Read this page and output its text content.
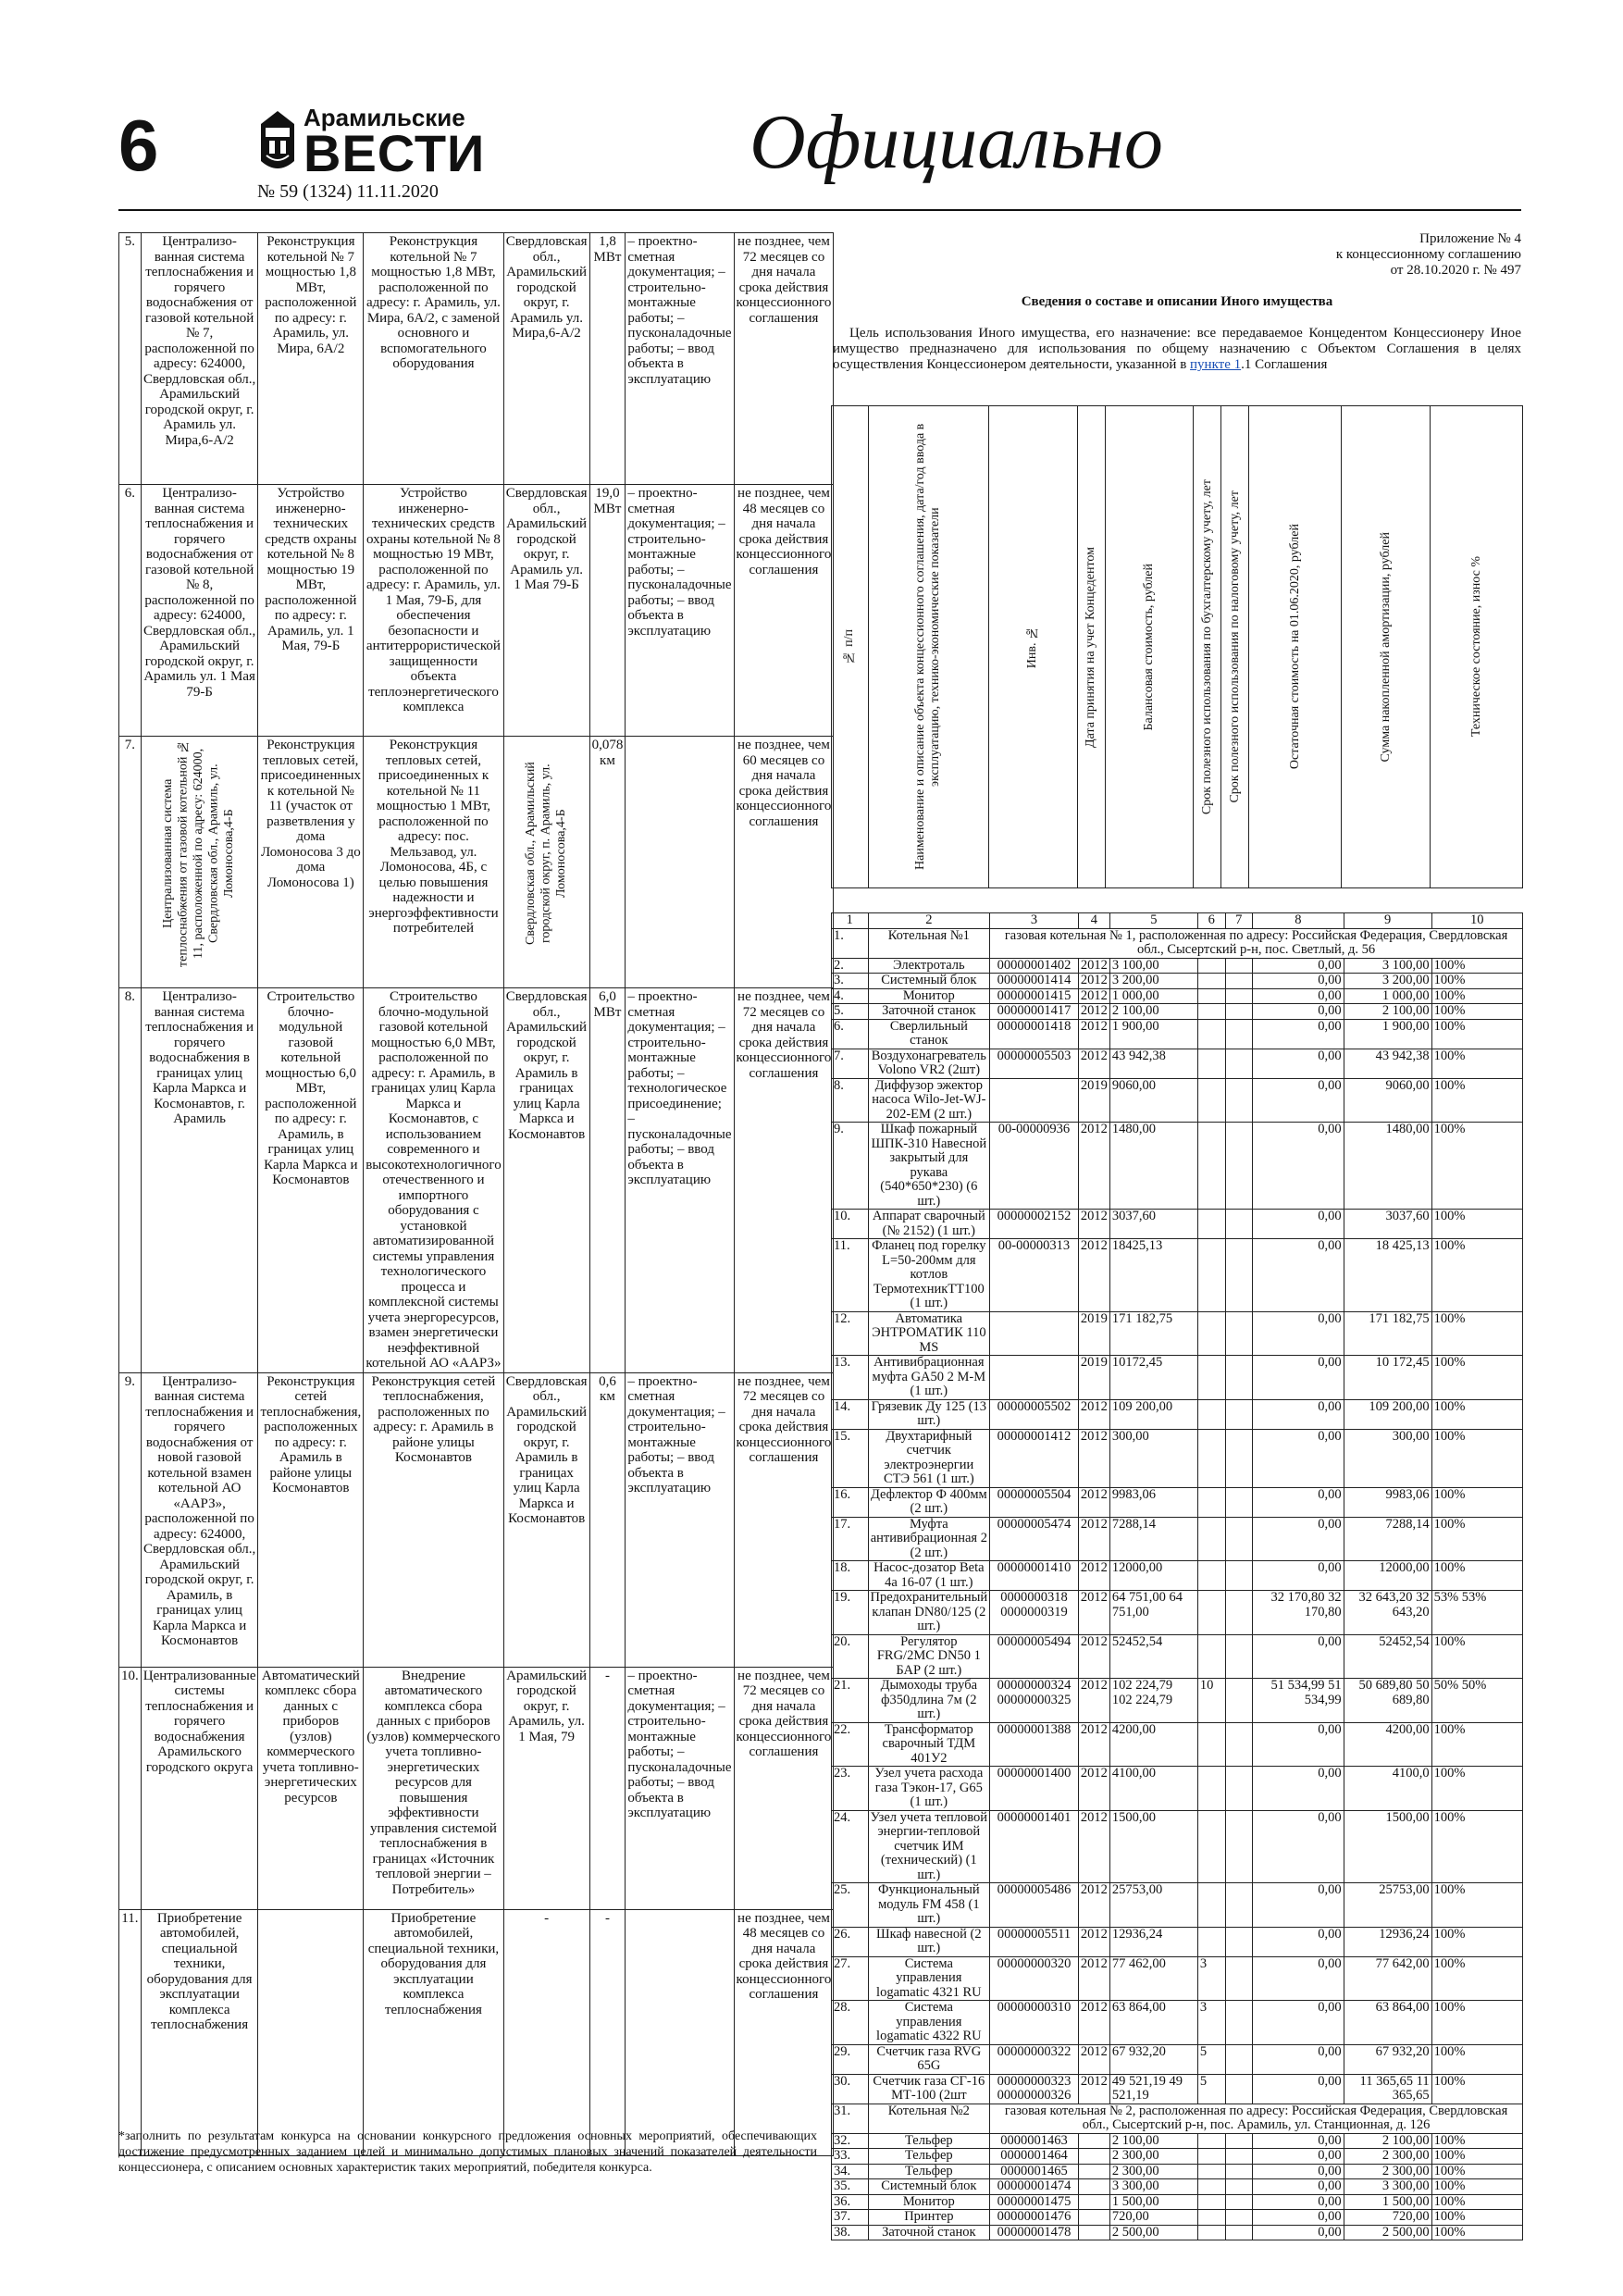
6	Арамильские
ВЕСТИ
№ 59 (1324) 11.11.2020
Официально
5.	Централизо-ванная система теплоснабжения и горячего водоснабжения от газовой котельной № 7, расположенной по адресу: 624000, Свердловская обл., Арамильский городской округ, г. Арамиль ул. Мира,6-А/2	Реконструкция котельной № 7 мощностью 1,8 МВт, расположенной по адресу: г. Арамиль, ул. Мира, 6А/2	Реконструкция котельной № 7 мощностью 1,8 МВт, расположенной по адресу: г. Арамиль, ул. Мира, 6А/2, с заменой основного и вспомогательного оборудования	Свердловская обл., Арамильский городской округ, г. Арамиль ул. Мира,6-А/2	1,8 МВт	– проектно-сметная документация; – строительно-монтажные работы; – пусконаладочные работы; – ввод объекта в эксплуатацию	не позднее, чем 72 месяцев со дня начала срока действия концессионного соглашения
6.	Централизо-ванная система теплоснабжения и горячего водоснабжения от газовой котельной № 8, расположенной по адресу: 624000, Свердловская обл., Арамильский городской округ, г. Арамиль ул. 1 Мая 79-Б	Устройство инженерно-технических средств охраны котельной № 8 мощностью 19 МВт, расположенной по адресу: г. Арамиль, ул. 1 Мая, 79-Б	Устройство инженерно-технических средств охраны котельной № 8 мощностью 19 МВт, расположенной по адресу: г. Арамиль, ул. 1 Мая, 79-Б, для обеспечения безопасности и антитеррористической защищенности объекта теплоэнергетического комплекса	Свердловская обл., Арамильский городской округ, г. Арамиль ул. 1 Мая 79-Б	19,0 МВт	– проектно-сметная документация; – строительно-монтажные работы; – пусконаладочные работы; – ввод объекта в эксплуатацию	не позднее, чем 48 месяцев со дня начала срока действия концессионного соглашения
7.	Централизованная система теплоснабжения от газовой котельной № 11, расположенной по адресу: 624000, Свердловская обл., Арамиль, ул. Ломоносова,4-Б	Реконструкция тепловых сетей, присоединенных к котельной № 11 (участок от разветвления у дома Ломоносова 3 до дома Ломоносова 1)	Реконструкция тепловых сетей, присоединенных к котельной № 11 мощностью 1 МВт, расположенной по адресу: пос. Мельзавод, ул. Ломоносова, 4Б, с целью повышения надежности и энергоэффективности потребителей	Свердловская обл., Арамильский городской округ, п. Арамиль, ул. Ломоносова,4-Б	0,078 км		не позднее, чем 60 месяцев со дня начала срока действия концессионного соглашения
8.	Централизо-ванная система теплоснабжения и горячего водоснабжения в границах улиц Карла Маркса и Космонавтов, г. Арамиль	Строительство блочно-модульной газовой котельной мощностью 6,0 МВт, расположенной по адресу: г. Арамиль, в границах улиц Карла Маркса и Космонавтов	Строительство блочно-модульной газовой котельной мощностью 6,0 МВт, расположенной по адресу: г. Арамиль, в границах улиц Карла Маркса и Космонавтов, с использованием современного и высокотехнологичного отечественного и импортного оборудования с установкой автоматизированной системы управления технологического процесса и комплексной системы учета энергоресурсов, взамен энергетически неэффективной котельной АО «ААРЗ»	Свердловская обл., Арамильский городской округ, г. Арамиль в границах улиц Карла Маркса и Космонавтов	6,0 МВт	– проектно-сметная документация; – строительно-монтажные работы; – технологическое присоединение; – пусконаладочные работы; – ввод объекта в эксплуатацию	не позднее, чем 72 месяцев со дня начала срока действия концессионного соглашения
9.	Централизо-ванная система теплоснабжения и горячего водоснабжения от новой газовой котельной взамен котельной АО «ААРЗ», расположенной по адресу: 624000, Свердловская обл., Арамильский городской округ, г. Арамиль, в границах улиц Карла Маркса и Космонавтов	Реконструкция сетей теплоснабжения, расположенных по адресу: г. Арамиль в районе улицы Космонавтов	Реконструкция сетей теплоснабжения, расположенных по адресу: г. Арамиль в районе улицы Космонавтов	Свердловская обл., Арамильский городской округ, г. Арамиль в границах улиц Карла Маркса и Космонавтов	0,6 км	– проектно-сметная документация; – строительно-монтажные работы; – ввод объекта в эксплуатацию	не позднее, чем 72 месяцев со дня начала срока действия концессионного соглашения
10.	Централизованные системы теплоснабжения и горячего водоснабжения Арамильского городского округа	Автоматический комплекс сбора данных с приборов (узлов) коммерческого учета топливно-энергетических ресурсов	Внедрение автоматического комплекса сбора данных с приборов (узлов) коммерческого учета топливно-энергетических ресурсов для повышения эффективности управления системой теплоснабжения в границах «Источник тепловой энергии –Потребитель»	Арамильский городской округ, г. Арамиль, ул. 1 Мая, 79	-	– проектно-сметная документация; – строительно-монтажные работы; – пусконаладочные работы; – ввод объекта в эксплуатацию	не позднее, чем 72 месяцев со дня начала срока действия концессионного соглашения
11.	Приобретение автомобилей, специальной техники, оборудования для эксплуатации комплекса теплоснабжения		Приобретение автомобилей, специальной техники, оборудования для эксплуатации комплекса теплоснабжения	-	-		не позднее, чем 48 месяцев со дня начала срока действия концессионного соглашения
*заполнить по результатам конкурса на основании конкурсного предложения основных мероприятий, обеспечивающих достижение предусмотренных заданием целей и минимально допустимых плановых значений показателей деятельности концессионера, с описанием основных характеристик таких мероприятий, победителя конкурса.
Приложение № 4
к концессионному соглашению
от 28.10.2020 г. № 497
Сведения о составе и описании Иного имущества
Цель использования Иного имущества, его назначение: все передаваемое Концедентом Концессионеру Иное имущество предназначено для использования по общему назначению с Объектом Соглашения в целях осуществления Концессионером деятельности, указанной в пункте 1.1 Соглашения
№ п/п	Наименование и описание объекта концессионного соглашения, дата/год ввода в эксплуатацию, технико-экономические показатели	Инв. №	Дата принятия на учет Концедентом	Балансовая стоимость, рублей	Срок полезного использования по бухгалтерскому учету, лет	Срок полезного использования по налоговому учету, лет	Остаточная стоимость на 01.06.2020, рублей	Сумма накопленной амортизации, рублей	Техническое состояние, износ %
1	2	3	4	5	6	7	8	9	10
1.	Котельная №1	газовая котельная № 1, расположенная по адресу: Российская Федерация, Свердловская обл., Сысертский р-н, пос. Светлый, д. 56							
2.	Электроталь	00000001402	2012	3 100,00			0,00	3 100,00	100%
3.	Системный блок	00000001414	2012	3 200,00			0,00	3 200,00	100%
4.	Монитор	00000001415	2012	1 000,00			0,00	1 000,00	100%
5.	Заточной станок	00000001417	2012	2 100,00			0,00	2 100,00	100%
6.	Сверлильный станок	00000001418	2012	1 900,00			0,00	1 900,00	100%
7.	Воздухонагреватель Volono VR2 (2шт)	00000005503	2012	43 942,38			0,00	43 942,38	100%
8.	Диффузор эжектор насоса Wilo-Jet-WJ-202-EM (2 шт.)		2019	9060,00			0,00	9060,00	100%
9.	Шкаф пожарный ШПК-310 Навесной закрытый для рукава (540*650*230) (6 шт.)	00-00000936	2012	1480,00			0,00	1480,00	100%
10.	Аппарат сварочный (№ 2152) (1 шт.)	00000002152	2012	3037,60			0,00	3037,60	100%
11.	Фланец под горелку L=50-200мм для котлов ТермотехникТТ100 (1 шт.)	00-00000313	2012	18425,13			0,00	18 425,13	100%
12.	Автоматика ЭНТРОМАТИК 110 MS		2019	171 182,75			0,00	171 182,75	100%
13.	Антивибрационная муфта GA50 2 M-M (1 шт.)		2019	10172,45			0,00	10 172,45	100%
14.	Грязевик Ду 125 (13 шт.)	00000005502	2012	109 200,00			0,00	109 200,00	100%
15.	Двухтарифный счетчик электроэнергии СТЭ 561 (1 шт.)	00000001412	2012	300,00			0,00	300,00	100%
16.	Дефлектор Ф 400мм (2 шт.)	00000005504	2012	9983,06			0,00	9983,06	100%
17.	Муфта антивибрационная 2 (2 шт.)	00000005474	2012	7288,14			0,00	7288,14	100%
18.	Насос-дозатор Beta 4a 16-07 (1 шт.)	00000001410	2012	12000,00			0,00	12000,00	100%
19.	Предохранительный клапан DN80/125 (2 шт.)	0000000318 0000000319	2012	64 751,00 64 751,00			32 170,80 32 170,80	32 643,20 32 643,20	53% 53%
20.	Регулятор FRG/2MC DN50 1 БАР (2 шт.)	00000005494	2012	52452,54			0,00	52452,54	100%
21.	Дымоходы труба ф350длина 7м (2 шт.)	00000000324 00000000325	2012	102 224,79 102 224,79	10		51 534,99 51 534,99	50 689,80 50 689,80	50% 50%
22.	Трансформатор сварочный ТДМ 401У2	00000001388	2012	4200,00			0,00	4200,00	100%
23.	Узел учета расхода газа Тэкон-17, G65 (1 шт.)	00000001400	2012	4100,00			0,00	4100,0	100%
24.	Узел учета тепловой энергии-тепловой счетчик ИМ (технический) (1 шт.)	00000001401	2012	1500,00			0,00	1500,00	100%
25.	Функциональный модуль FM 458 (1 шт.)	00000005486	2012	25753,00			0,00	25753,00	100%
26.	Шкаф навесной (2 шт.)	00000005511	2012	12936,24			0,00	12936,24	100%
27.	Система управления logamatic 4321 RU	00000000320	2012	77 462,00	3		0,00	77 642,00	100%
28.	Система управления logamatic 4322 RU	00000000310	2012	63 864,00	3		0,00	63 864,00	100%
29.	Счетчик газа RVG 65G	00000000322	2012	67 932,20	5		0,00	67 932,20	100%
30.	Счетчик газа СГ-16 МТ-100 (2шт	00000000323 00000000326	2012	49 521,19 49 521,19	5		0,00	11 365,65 11 365,65	100%
31.	Котельная №2	газовая котельная № 2, расположенная по адресу: Российская Федерация, Свердловская обл., Сысертский р-н, пос. Арамиль, ул. Станционная, д. 126							
32.	Тельфер	0000001463		2 100,00			0,00	2 100,00	100%
33.	Тельфер	0000001464		2 300,00			0,00	2 300,00	100%
34.	Тельфер	0000001465		2 300,00			0,00	2 300,00	100%
35.	Системный блок	00000001474		3 300,00			0,00	3 300,00	100%
36.	Монитор	00000001475		1 500,00			0,00	1 500,00	100%
37.	Принтер	00000001476		720,00			0,00	720,00	100%
38.	Заточной станок	00000001478		2 500,00			0,00	2 500,00	100%
